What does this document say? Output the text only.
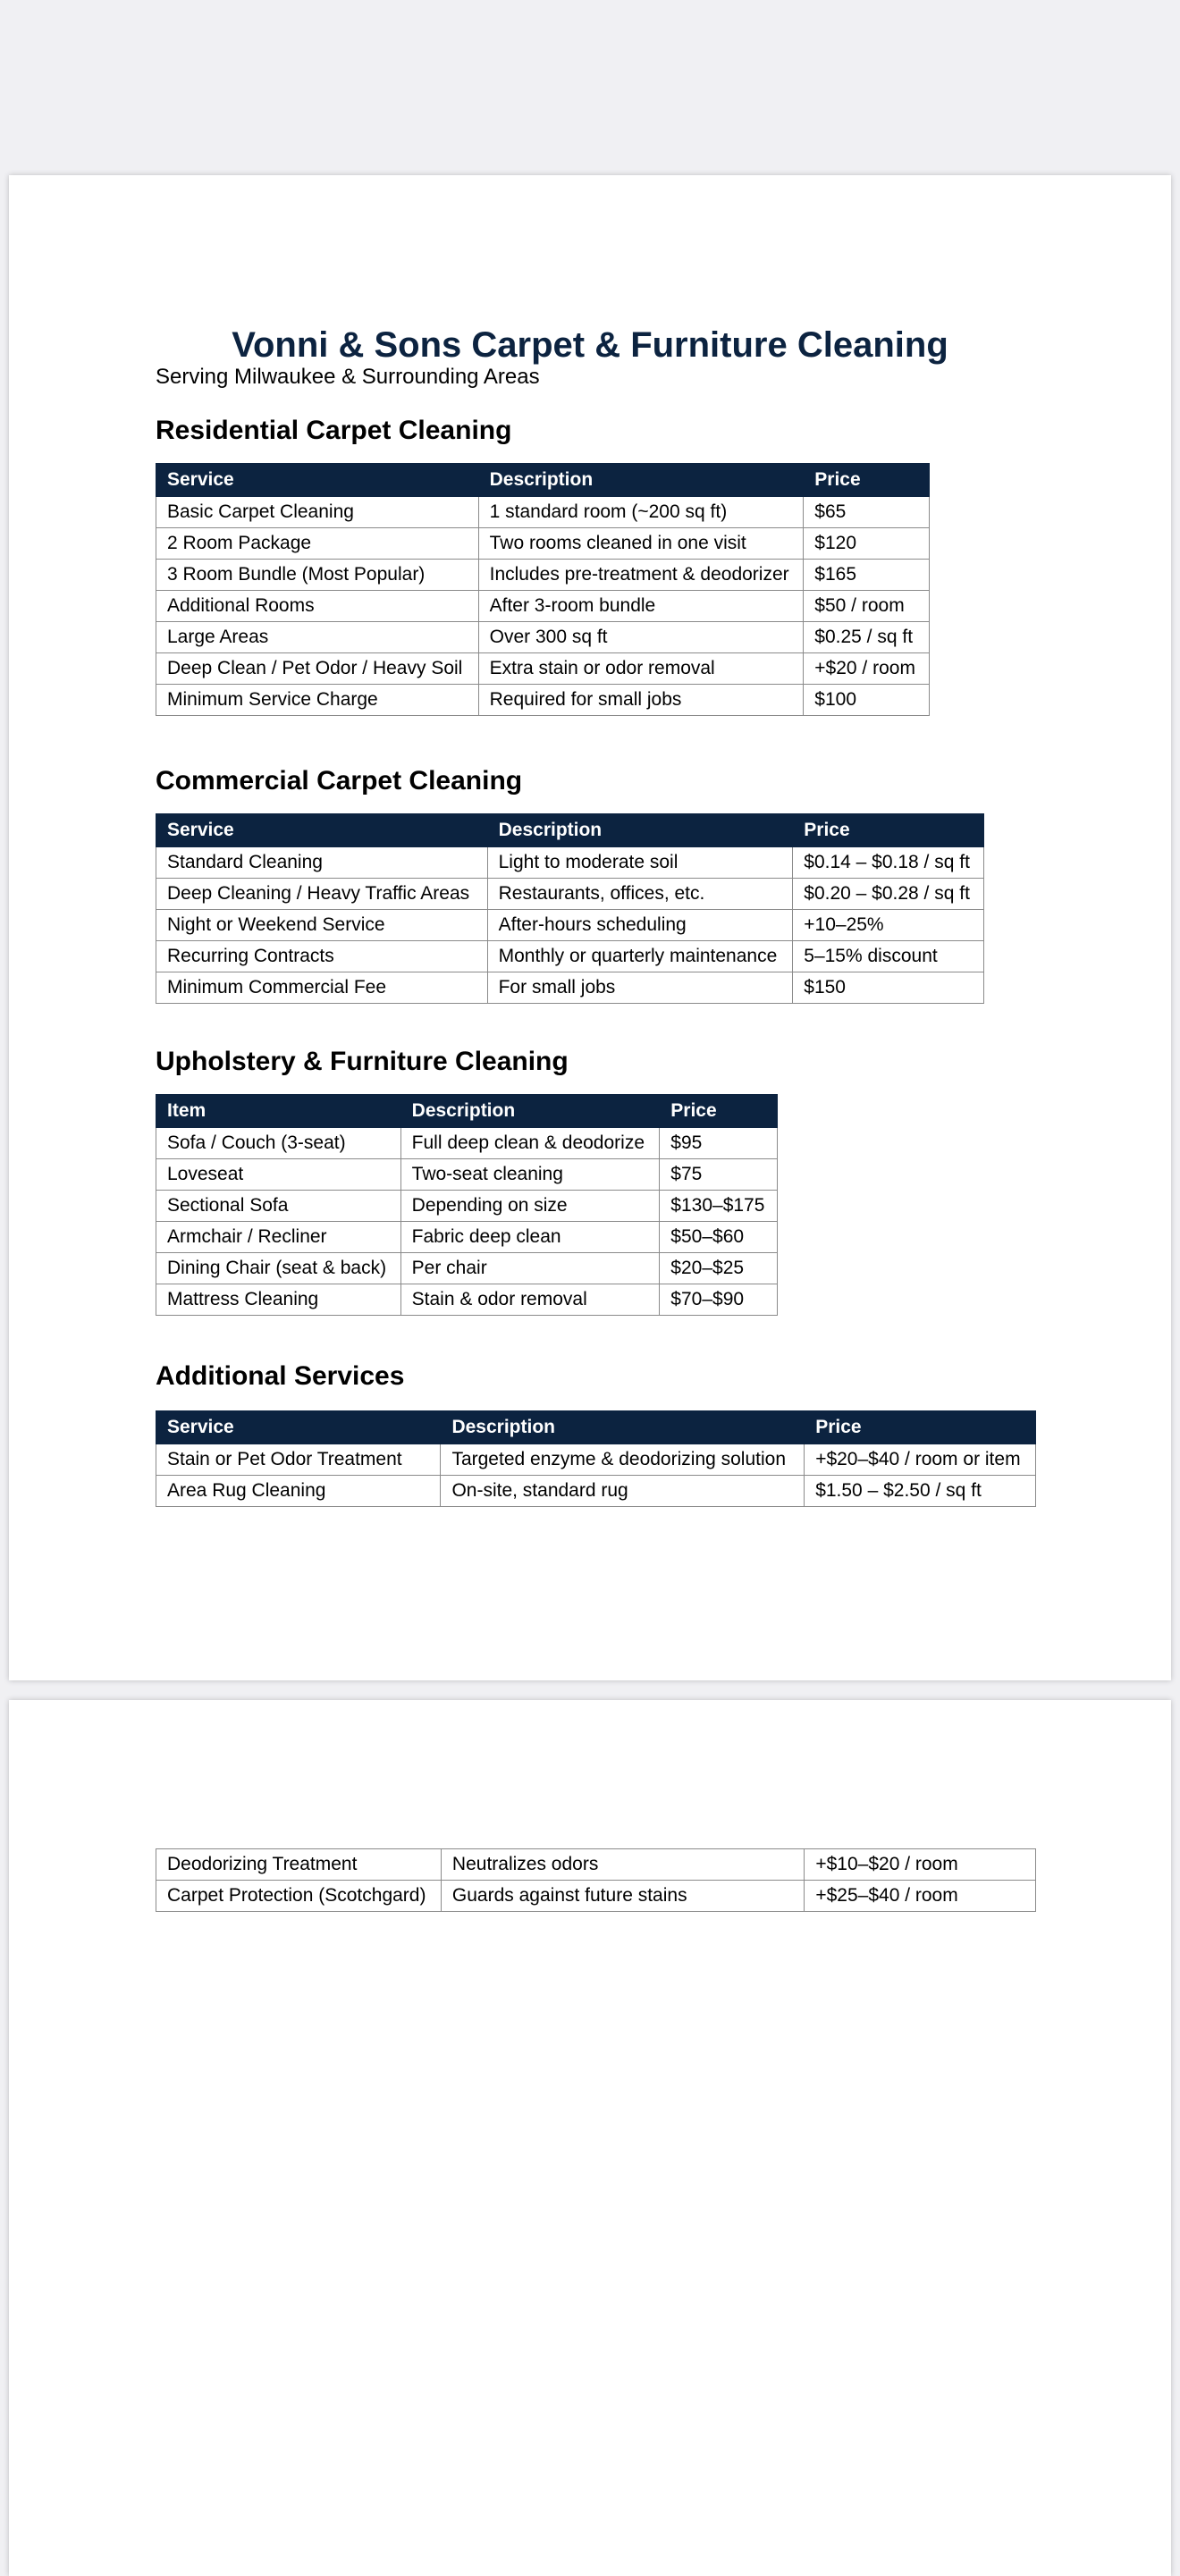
Vonni & Sons Carpet & Furniture Cleaning
Serving Milwaukee & Surrounding Areas
Residential Carpet Cleaning
Service	Description	Price
Basic Carpet Cleaning	1 standard room (~200 sq ft)	$65
2 Room Package	Two rooms cleaned in one visit	$120
3 Room Bundle (Most Popular)	Includes pre-treatment & deodorizer	$165
Additional Rooms	After 3-room bundle	$50 / room
Large Areas	Over 300 sq ft	$0.25 / sq ft
Deep Clean / Pet Odor / Heavy Soil	Extra stain or odor removal	+$20 / room
Minimum Service Charge	Required for small jobs	$100
Commercial Carpet Cleaning
Service	Description	Price
Standard Cleaning	Light to moderate soil	$0.14 – $0.18 / sq ft
Deep Cleaning / Heavy Traffic Areas	Restaurants, offices, etc.	$0.20 – $0.28 / sq ft
Night or Weekend Service	After-hours scheduling	+10–25%
Recurring Contracts	Monthly or quarterly maintenance	5–15% discount
Minimum Commercial Fee	For small jobs	$150
Upholstery & Furniture Cleaning
Item	Description	Price
Sofa / Couch (3-seat)	Full deep clean & deodorize	$95
Loveseat	Two-seat cleaning	$75
Sectional Sofa	Depending on size	$130–$175
Armchair / Recliner	Fabric deep clean	$50–$60
Dining Chair (seat & back)	Per chair	$20–$25
Mattress Cleaning	Stain & odor removal	$70–$90
Additional Services
Service	Description	Price
Stain or Pet Odor Treatment	Targeted enzyme & deodorizing solution	+$20–$40 / room or item
Area Rug Cleaning	On-site, standard rug	$1.50 – $2.50 / sq ft
Deodorizing Treatment	Neutralizes odors	+$10–$20 / room
Carpet Protection (Scotchgard)	Guards against future stains	+$25–$40 / room
